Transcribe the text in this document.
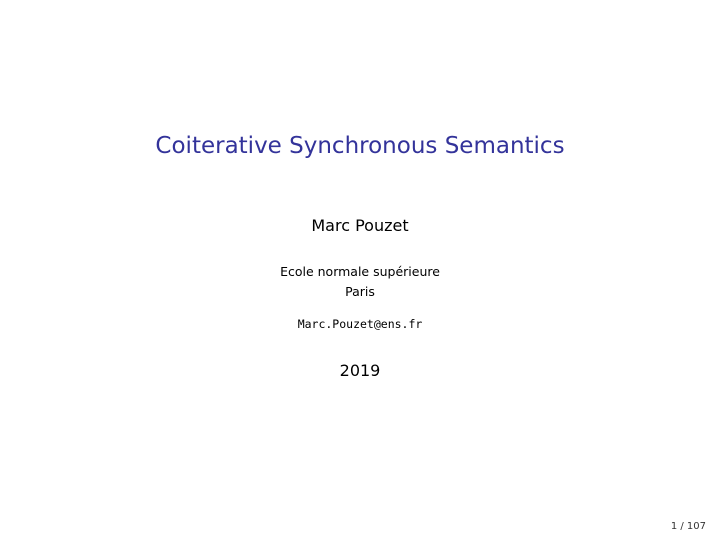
Coiterative Synchronous Semantics
Marc Pouzet
Ecole normale supérieure
Paris
Marc.Pouzet@ens.fr
2019
1 / 107
